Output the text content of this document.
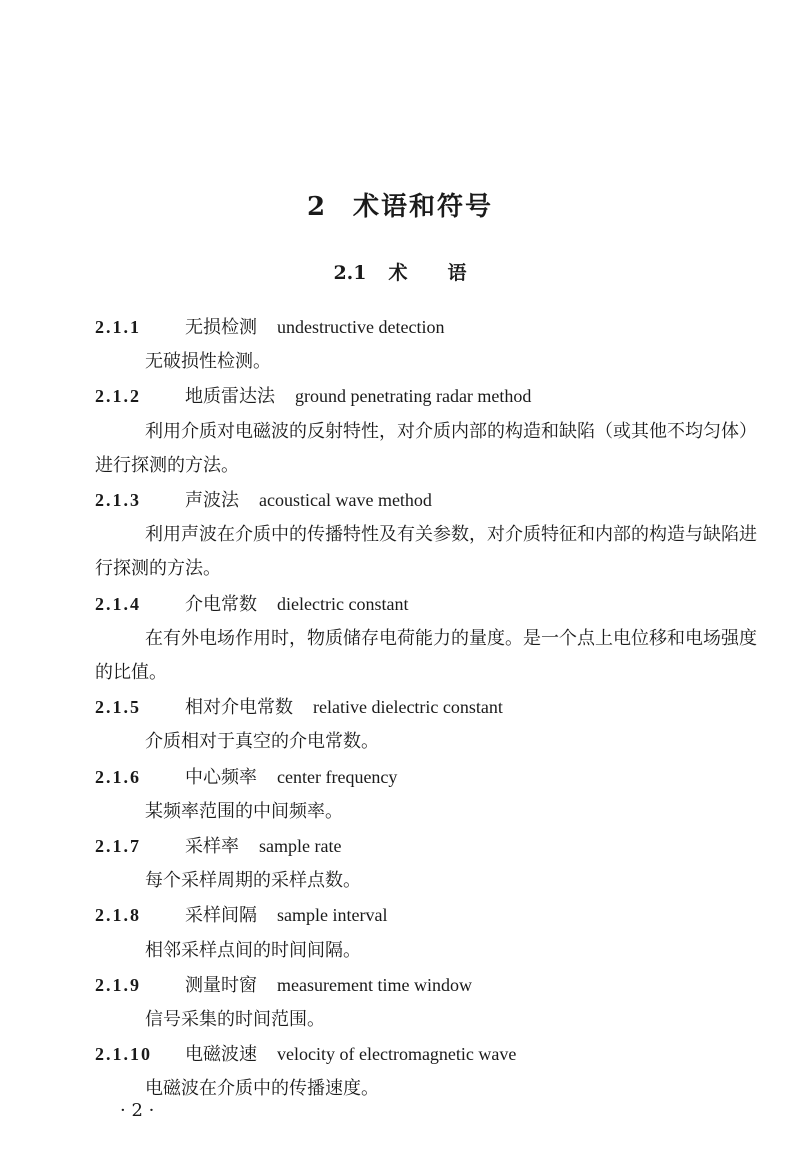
2 术语和符号
2.1 术 语
2.1.1 无损检测 undestructive detection
无破损性检测。
2.1.2 地质雷达法 ground penetrating radar method
利用介质对电磁波的反射特性，对介质内部的构造和缺陷（或其他不均匀体）进行探测的方法。
2.1.3 声波法 acoustical wave method
利用声波在介质中的传播特性及有关参数，对介质特征和内部的构造与缺陷进行探测的方法。
2.1.4 介电常数 dielectric constant
在有外电场作用时，物质储存电荷能力的量度。是一个点上电位移和电场强度的比值。
2.1.5 相对介电常数 relative dielectric constant
介质相对于真空的介电常数。
2.1.6 中心频率 center frequency
某频率范围的中间频率。
2.1.7 采样率 sample rate
每个采样周期的采样点数。
2.1.8 采样间隔 sample interval
相邻采样点间的时间间隔。
2.1.9 测量时窗 measurement time window
信号采集的时间范围。
2.1.10 电磁波速 velocity of electromagnetic wave
电磁波在介质中的传播速度。
· 2 ·
